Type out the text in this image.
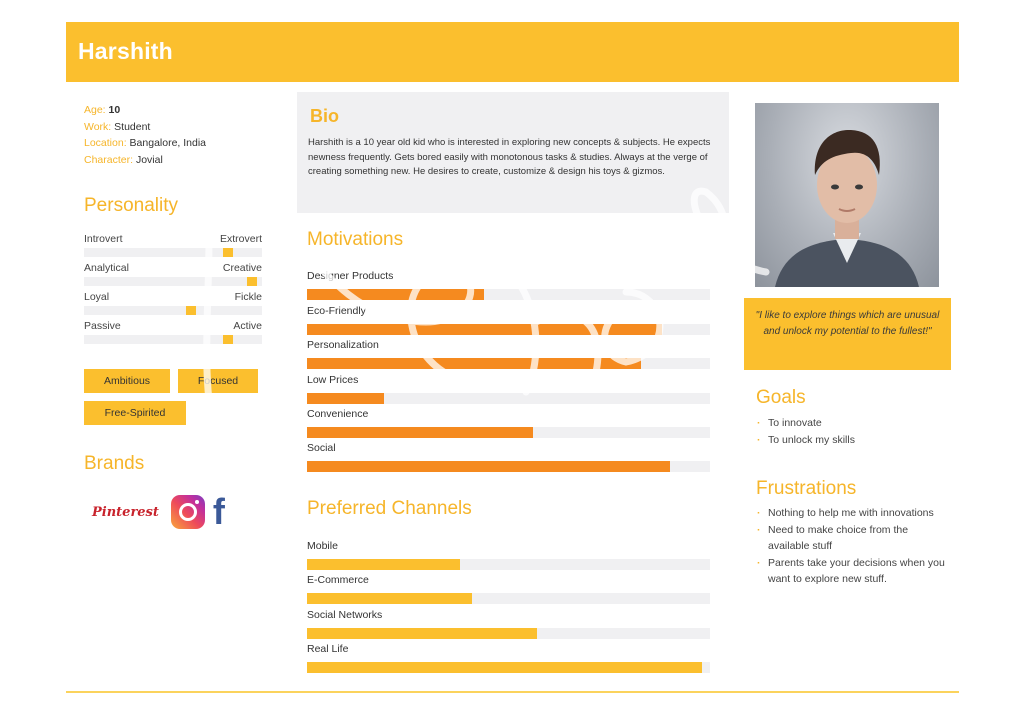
Harshith
Age: 10
Work: Student
Location: Bangalore, India
Character: Jovial
Personality
Introvert	Extrovert
Analytical	Creative
Loyal	Fickle
Passive	Active
Ambitious	Focused
Free-Spirited
Brands
Pinterest f
Bio

Harshith is a 10 year old kid who is interested in exploring new concepts & subjects. He expects newness frequently. Gets bored easily with monotonous tasks & studies. Always at the verge of creating something new. He desires to create, customize & design his toys & gizmos.

Motivations
Designer Products
Eco-Friendly
Personalization
Low Prices
Convenience
Social
Preferred Channels
Mobile
E-Commerce
Social Networks
Real Life
"I like to explore things which are unusual and unlock my potential to the fullest!"
Goals
· To innovate
· To unlock my skills
Frustrations
· Nothing to help me with innovations
· Need to make choice from the available stuff
· Parents take your decisions when you want to explore new stuff.
